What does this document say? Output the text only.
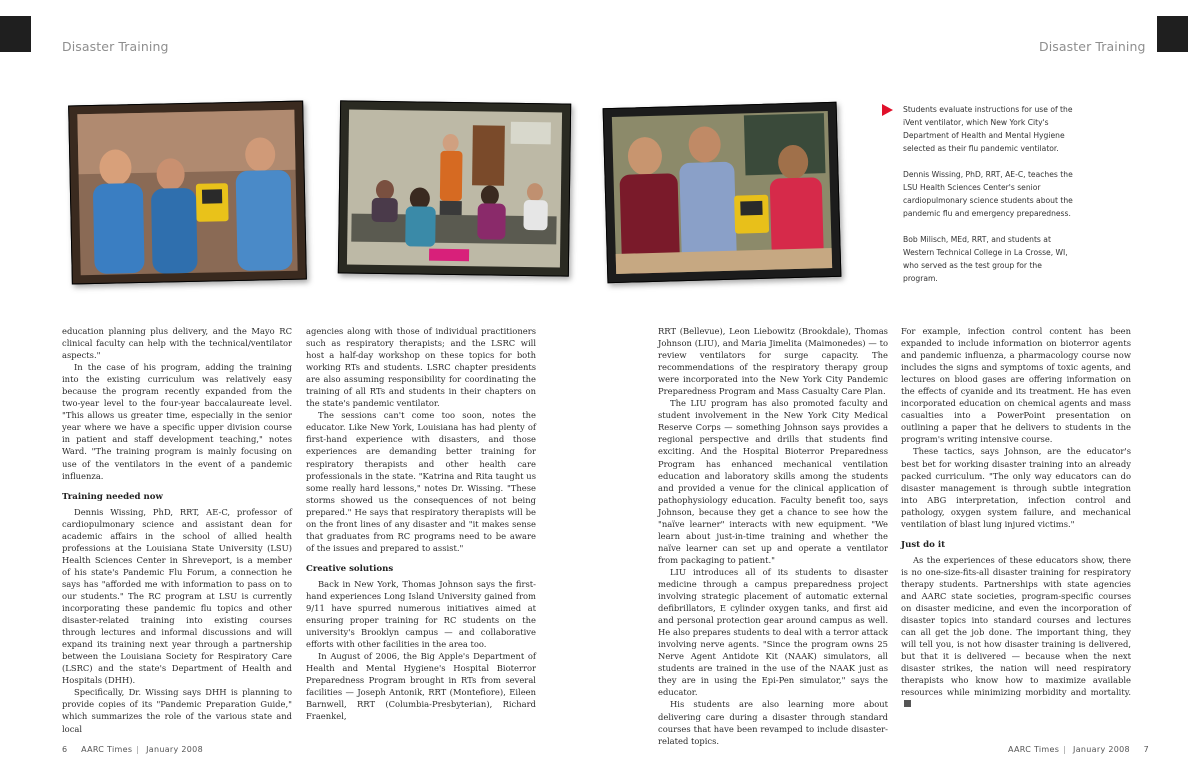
Disaster Training	Disaster Training

Students evaluate instructions for use of the iVent ventilator, which New York City's Department of Health and Mental Hygiene selected as their flu pandemic ventilator.

Dennis Wissing, PhD, RRT, AE-C, teaches the LSU Health Sciences Center's senior cardiopulmonary science students about the pandemic flu and emergency preparedness.

Bob Milisch, MEd, RRT, and students at Western Technical College in La Crosse, WI, who served as the test group for the program.

education planning plus delivery, and the Mayo RC clinical faculty can help with the technical/ventilator aspects."

In the case of his program, adding the training into the existing curriculum was relatively easy because the program recently expanded from the two-year level to the four-year baccalaureate level. "This allows us greater time, especially in the senior year where we have a specific upper division course in patient and staff development teaching," notes Ward. "The training program is mainly focusing on use of the ventilators in the event of a pandemic influenza.

Training needed now

Dennis Wissing, PhD, RRT, AE-C, professor of cardiopulmonary science and assistant dean for academic affairs in the school of allied health professions at the Louisiana State University (LSU) Health Sciences Center in Shreveport, is a member of his state's Pandemic Flu Forum, a connection he says has "afforded me with information to pass on to our students." The RC program at LSU is currently incorporating these pandemic flu topics and other disaster-related training into existing courses through lectures and informal discussions and will expand its training next year through a partnership between the Louisiana Society for Respiratory Care (LSRC) and the state's Department of Health and Hospitals (DHH).

Specifically, Dr. Wissing says DHH is planning to provide copies of its "Pandemic Preparation Guide," which summarizes the role of the various state and local

agencies along with those of individual practitioners such as respiratory therapists; and the LSRC will host a half-day workshop on these topics for both working RTs and students. LSRC chapter presidents are also assuming responsibility for coordinating the training of all RTs and students in their chapters on the state's pandemic ventilator.

The sessions can't come too soon, notes the educator. Like New York, Louisiana has had plenty of first-hand experience with disasters, and those experiences are demanding better training for respiratory therapists and other health care professionals in the state. "Katrina and Rita taught us some really hard lessons," notes Dr. Wissing. "These storms showed us the consequences of not being prepared." He says that respiratory therapists will be on the front lines of any disaster and "it makes sense that graduates from RC programs need to be aware of the issues and prepared to assist."

Creative solutions

Back in New York, Thomas Johnson says the first-hand experiences Long Island University gained from 9/11 have spurred numerous initiatives aimed at ensuring proper training for RC students on the university's Brooklyn campus — and collaborative efforts with other facilities in the area too.

In August of 2006, the Big Apple's Department of Health and Mental Hygiene's Hospital Bioterror Preparedness Program brought in RTs from several facilities — Joseph Antonik, RRT (Montefiore), Eileen Barnwell, RRT (Columbia-Presbyterian), Richard Fraenkel,

RRT (Bellevue), Leon Liebowitz (Brookdale), Thomas Johnson (LIU), and Maria Jimelita (Maimonedes) — to review ventilators for surge capacity. The recommendations of the respiratory therapy group were incorporated into the New York City Pandemic Preparedness Program and Mass Casualty Care Plan.

The LIU program has also promoted faculty and student involvement in the New York City Medical Reserve Corps — something Johnson says provides a regional perspective and drills that students find exciting. And the Hospital Bioterror Preparedness Program has enhanced mechanical ventilation education and laboratory skills among the students and provided a venue for the clinical application of pathophysiology education. Faculty benefit too, says Johnson, because they get a chance to see how the "naïve learner" interacts with new equipment. "We learn about just-in-time training and whether the naïve learner can set up and operate a ventilator from packaging to patient."

LIU introduces all of its students to disaster medicine through a campus preparedness project involving strategic placement of automatic external defibrillators, E cylinder oxygen tanks, and first aid and personal protection gear around campus as well. He also prepares students to deal with a terror attack involving nerve agents. "Since the program owns 25 Nerve Agent Antidote Kit (NAAK) simulators, all students are trained in the use of the NAAK just as they are in using the Epi-Pen simulator," says the educator.

His students are also learning more about delivering care during a disaster through standard courses that have been revamped to include disaster-related topics.

For example, infection control content has been expanded to include information on bioterror agents and pandemic influenza, a pharmacology course now includes the signs and symptoms of toxic agents, and lectures on blood gases are offering information on the effects of cyanide and its treatment. He has even incorporated education on chemical agents and mass casualties into a PowerPoint presentation on outlining a paper that he delivers to students in the program's writing intensive course.

These tactics, says Johnson, are the educator's best bet for working disaster training into an already packed curriculum. "The only way educators can do disaster management is through subtle integration into ABG interpretation, infection control and pathology, oxygen system failure, and mechanical ventilation of blast lung injured victims."

Just do it

As the experiences of these educators show, there is no one-size-fits-all disaster training for respiratory therapy students. Partnerships with state agencies and AARC state societies, program-specific courses on disaster medicine, and even the incorporation of disaster topics into standard courses and lectures can all get the job done. The important thing, they will tell you, is not how disaster training is delivered, but that it is delivered — because when the next disaster strikes, the nation will need respiratory therapists who know how to maximize available resources while minimizing morbidity and mortality.

6 AARC Times | January 2008	AARC Times | January 2008 7
